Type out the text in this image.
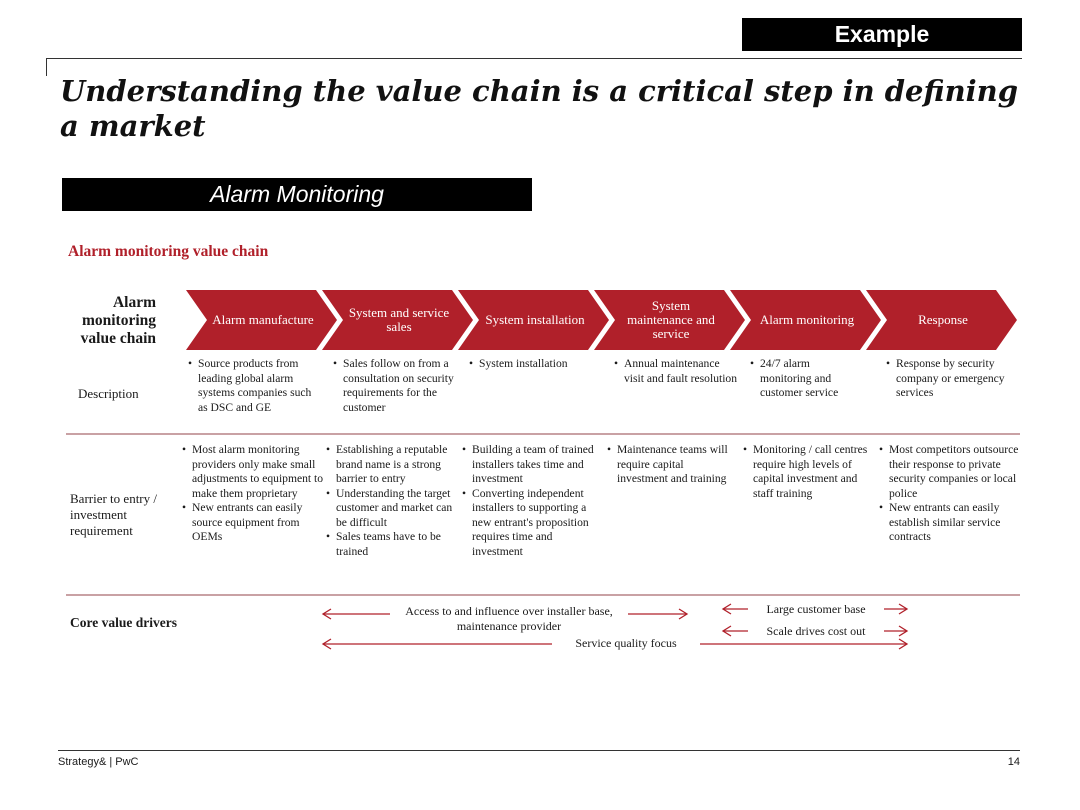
Example
Understanding the value chain is a critical step in defining a market
Alarm Monitoring
Alarm monitoring value chain
Alarm monitoring value chain
Alarm manufacture	System and service sales	System installation
System maintenance and service
Alarm monitoring	Response
Description
• Source products from leading global alarm systems companies such as DSC and GE
• Sales follow on from a consultation on security requirements for the customer
• System installation
•	Annual maintenance visit and fault resolution
• 24/7 alarm monitoring and customer service
• Response by security company or emergency services
Barrier to entry / investment requirement
• Most alarm monitoring providers only make small adjustments to equipment to make them proprietary
• New entrants can easily source equipment from OEMs
• Establishing a reputable brand name is a strong barrier to entry
• Understanding the target customer and market can be difficult
• Sales teams have to be trained
• Building a team of trained installers takes time and investment
• Converting independent installers to supporting a new entrant's proposition requires time and investment
• Maintenance teams will require capital investment and training
• Monitoring / call centres require high levels of capital investment and staff training
• Most competitors outsource their response to private security companies or local police
• New entrants can easily establish similar service contracts
Core value drivers
Access to and influence over installer base, maintenance provider
Service quality focus
Large customer base
Scale drives cost out
Strategy& | PwC	14
